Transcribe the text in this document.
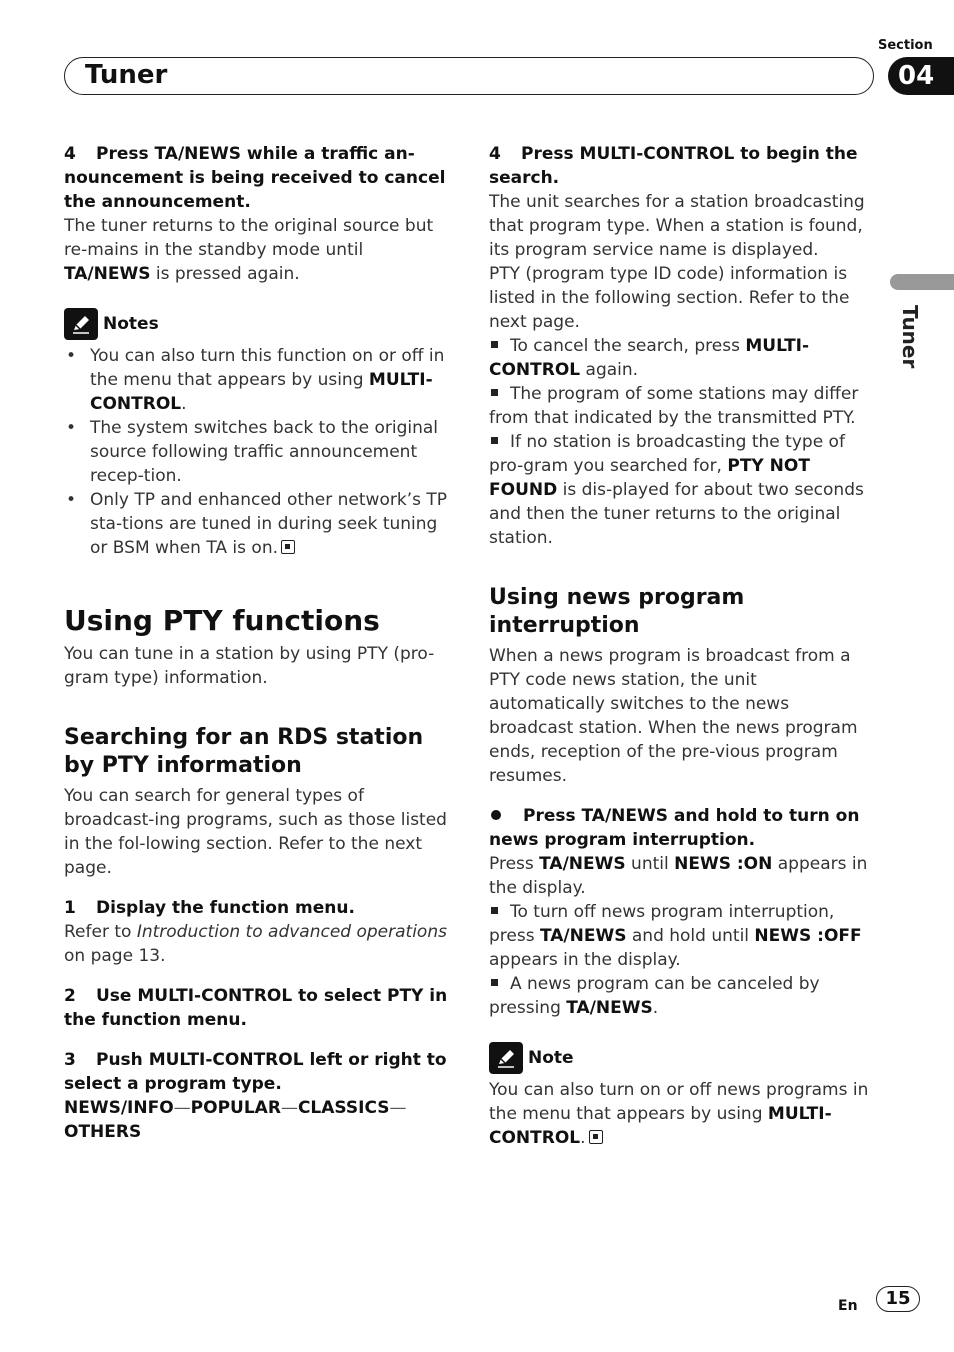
Section
Tuner	04
Tuner

4 Press TA/NEWS while a traffic an-nouncement is being received to cancel the announcement.

The tuner returns to the original source but re-mains in the standby mode until TA/NEWS is pressed again.

Notes
• You can also turn this function on or off in the menu that appears by using MULTI-CONTROL.
• The system switches back to the original source following traffic announcement recep-tion.
• Only TP and enhanced other network’s TP sta-tions are tuned in during seek tuning or BSM when TA is on.

Using PTY functions

You can tune in a station by using PTY (pro-gram type) information.

Searching for an RDS station by PTY information

You can search for general types of broadcast-ing programs, such as those listed in the fol-lowing section. Refer to the next page.

1 Display the function menu.

Refer to Introduction to advanced operations on page 13.

2 Use MULTI-CONTROL to select PTY in the function menu.

3 Push MULTI-CONTROL left or right to select a program type.

NEWS/INFO—POPULAR—CLASSICS—
OTHERS

4 Press MULTI-CONTROL to begin the search.

The unit searches for a station broadcasting that program type. When a station is found, its program service name is displayed.

PTY (program type ID code) information is listed in the following section. Refer to the next page.

To cancel the search, press MULTI-CONTROL again.

The program of some stations may differ from that indicated by the transmitted PTY.

If no station is broadcasting the type of pro-gram you searched for, PTY NOT FOUND is dis-played for about two seconds and then the tuner returns to the original station.

Using news program interruption

When a news program is broadcast from a PTY code news station, the unit automatically switches to the news broadcast station. When the news program ends, reception of the pre-vious program resumes.

Press TA/NEWS and hold to turn on news program interruption.

Press TA/NEWS until NEWS :ON appears in the display.

To turn off news program interruption, press TA/NEWS and hold until NEWS :OFF appears in the display.

A news program can be canceled by pressing TA/NEWS.

Note

You can also turn on or off news programs in the menu that appears by using MULTI-CONTROL.

En	15
